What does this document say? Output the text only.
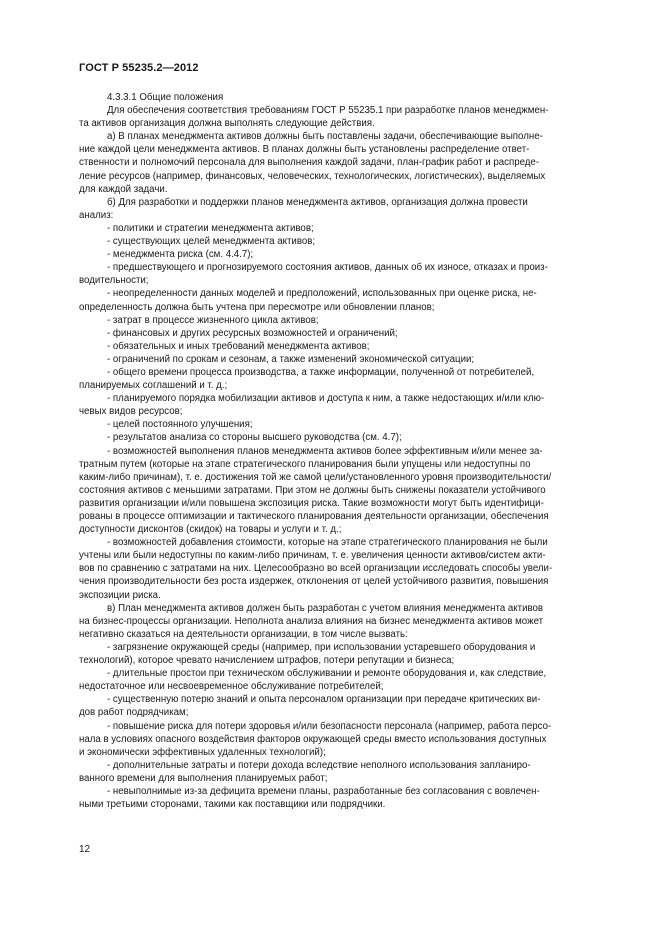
ГОСТ Р 55235.2—2012
4.3.3.1 Общие положения
Для обеспечения соответствия требованиям ГОСТ Р 55235.1 при разработке планов менеджмен-
та активов организация должна выполнять следующие действия.
а) В планах менеджмента активов должны быть поставлены задачи, обеспечивающие выполне-
ние каждой цели менеджмента активов. В планах должны быть установлены распределение ответ-
ственности и полномочий персонала для выполнения каждой задачи, план-график работ и распреде-
ление ресурсов (например, финансовых, человеческих, технологических, логистических), выделяемых
для каждой задачи.
б) Для разработки и поддержки планов менеджмента активов, организация должна провести
анализ:
- политики и стратегии менеджмента активов;
- существующих целей менеджмента активов;
- менеджмента риска (см. 4.4.7);
- предшествующего и прогнозируемого состояния активов, данных об их износе, отказах и произ-
водительности;
- неопределенности данных моделей и предположений, использованных при оценке риска, не-
определенность должна быть учтена при пересмотре или обновлении планов;
- затрат в процессе жизненного цикла активов;
- финансовых и других ресурсных возможностей и ограничений;
- обязательных и иных требований менеджмента активов;
- ограничений по срокам и сезонам, а также изменений экономической ситуации;
- общего времени процесса производства, а также информации, полученной от потребителей,
планируемых соглашений и т. д.;
- планируемого порядка мобилизации активов и доступа к ним, а также недостающих и/или клю-
чевых видов ресурсов;
- целей постоянного улучшения;
- результатов анализа со стороны высшего руководства (см. 4.7);
- возможностей выполнения планов менеджмента активов более эффективным и/или менее за-
тратным путем (которые на этапе стратегического планирования были упущены или недоступны по
каким-либо причинам), т. е. достижения той же самой цели/установленного уровня производительности/
состояния активов с меньшими затратами. При этом не должны быть снижены показатели устойчивого
развития организации и/или повышена экспозиция риска. Такие возможности могут быть идентифици-
рованы в процессе оптимизации и тактического планирования деятельности организации, обеспечения
доступности дисконтов (скидок) на товары и услуги и т. д.;
- возможностей добавления стоимости, которые на этапе стратегического планирования не были
учтены или были недоступны по каким-либо причинам, т. е. увеличения ценности активов/систем акти-
вов по сравнению с затратами на них. Целесообразно во всей организации исследовать способы увели-
чения производительности без роста издержек, отклонения от целей устойчивого развития, повышения
экспозиции риска.
в) План менеджмента активов должен быть разработан с учетом влияния менеджмента активов
на бизнес-процессы организации. Неполнота анализа влияния на бизнес менеджмента активов может
негативно сказаться на деятельности организации, в том числе вызвать:
- загрязнение окружающей среды (например, при использовании устаревшего оборудования и
технологий), которое чревато начислением штрафов, потери репутации и бизнеса;
- длительные простои при техническом обслуживании и ремонте оборудования и, как следствие,
недостаточное или несвоевременное обслуживание потребителей;
- существенную потерю знаний и опыта персоналом организации при передаче критических ви-
дов работ подрядчикам;
- повышение риска для потери здоровья и/или безопасности персонала (например, работа персо-
нала в условиях опасного воздействия факторов окружающей среды вместо использования доступных
и экономически эффективных удаленных технологий);
- дополнительные затраты и потери дохода вследствие неполного использования запланиро-
ванного времени для выполнения планируемых работ;
- невыполнимые из-за дефицита времени планы, разработанные без согласования с вовлечен-
ными третьими сторонами, такими как поставщики или подрядчики.
12
